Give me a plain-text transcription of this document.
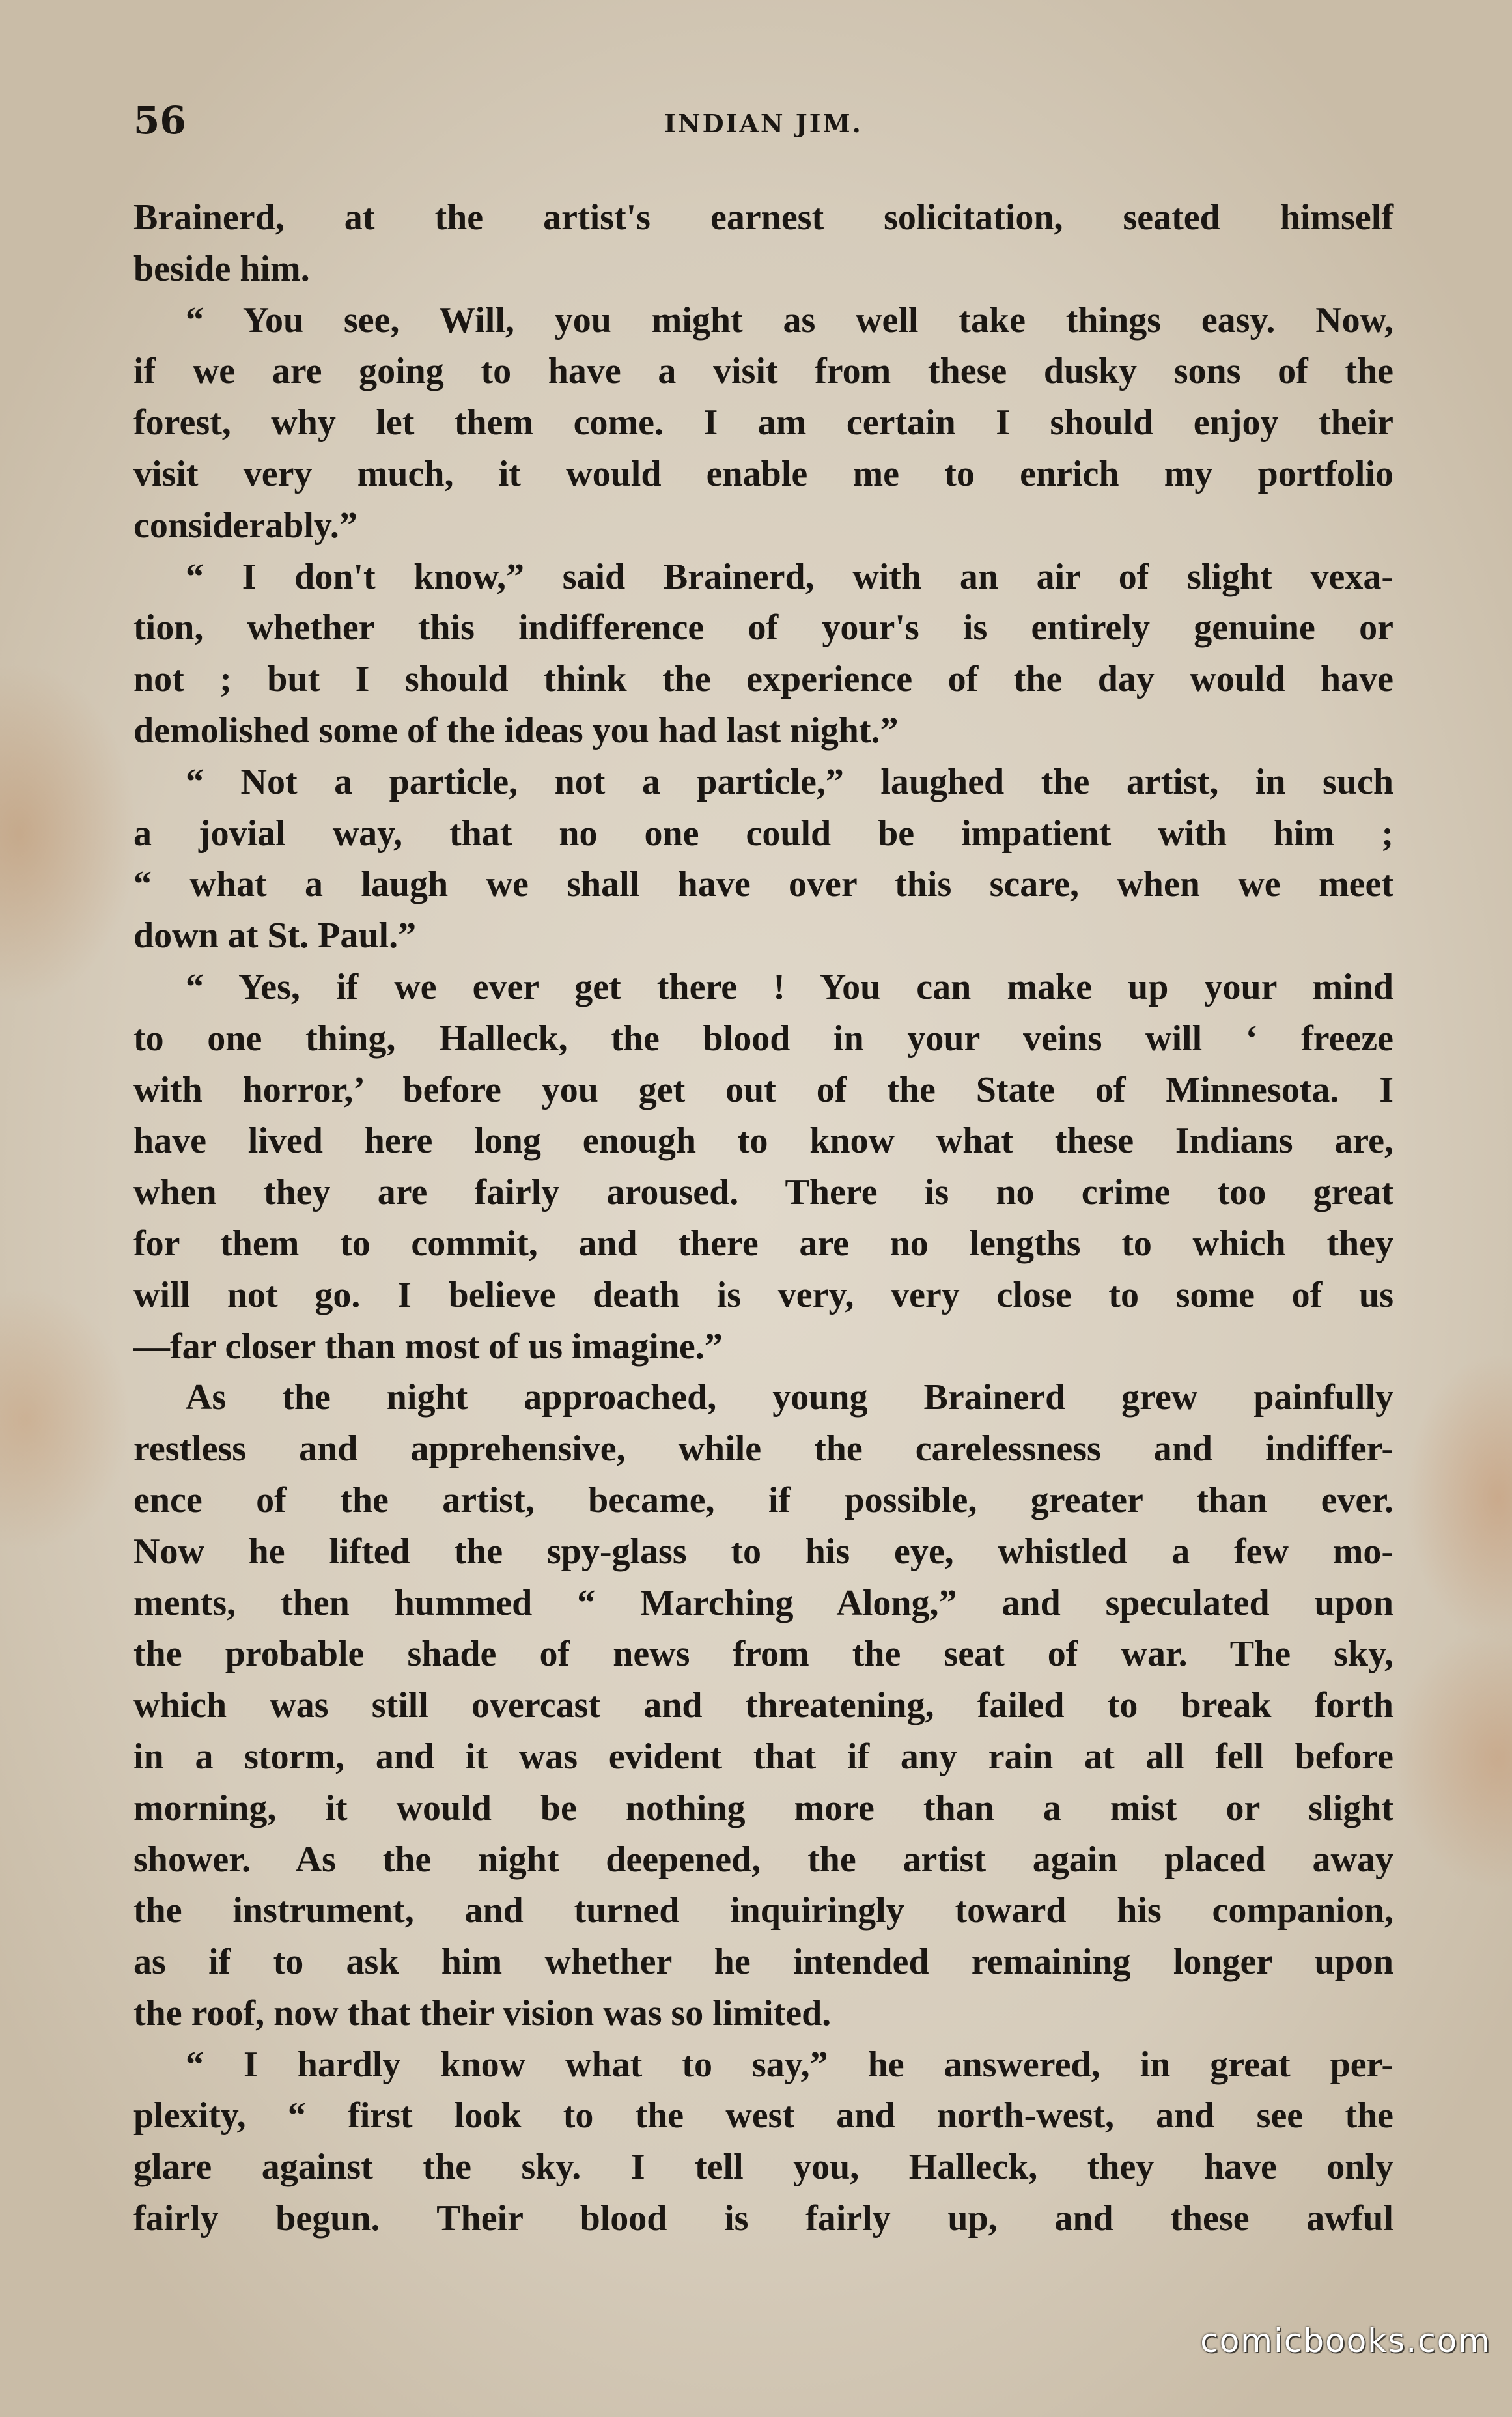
56	INDIAN JIM.
Brainerd, at the artist's earnest solicitation, seated himself
beside him.
“ You see, Will, you might as well take things easy. Now,
if we are going to have a visit from these dusky sons of the
forest, why let them come. I am certain I should enjoy their
visit very much, it would enable me to enrich my portfolio
considerably.”
“ I don't know,” said Brainerd, with an air of slight vexa-
tion, whether this indifference of your's is entirely genuine or
not ; but I should think the experience of the day would have
demolished some of the ideas you had last night.”
“ Not a particle, not a particle,” laughed the artist, in such
a jovial way, that no one could be impatient with him ;
“ what a laugh we shall have over this scare, when we meet
down at St. Paul.”
“ Yes, if we ever get there ! You can make up your mind
to one thing, Halleck, the blood in your veins will ‘ freeze
with horror,’ before you get out of the State of Minnesota. I
have lived here long enough to know what these Indians are,
when they are fairly aroused. There is no crime too great
for them to commit, and there are no lengths to which they
will not go. I believe death is very, very close to some of us
—far closer than most of us imagine.”
As the night approached, young Brainerd grew painfully
restless and apprehensive, while the carelessness and indiffer-
ence of the artist, became, if possible, greater than ever.
Now he lifted the spy-glass to his eye, whistled a few mo-
ments, then hummed “ Marching Along,” and speculated upon
the probable shade of news from the seat of war. The sky,
which was still overcast and threatening, failed to break forth
in a storm, and it was evident that if any rain at all fell before
morning, it would be nothing more than a mist or slight
shower. As the night deepened, the artist again placed away
the instrument, and turned inquiringly toward his companion,
as if to ask him whether he intended remaining longer upon
the roof, now that their vision was so limited.
“ I hardly know what to say,” he answered, in great per-
plexity, “ first look to the west and north-west, and see the
glare against the sky. I tell you, Halleck, they have only
fairly begun. Their blood is fairly up, and these awful
comicbooks.com
